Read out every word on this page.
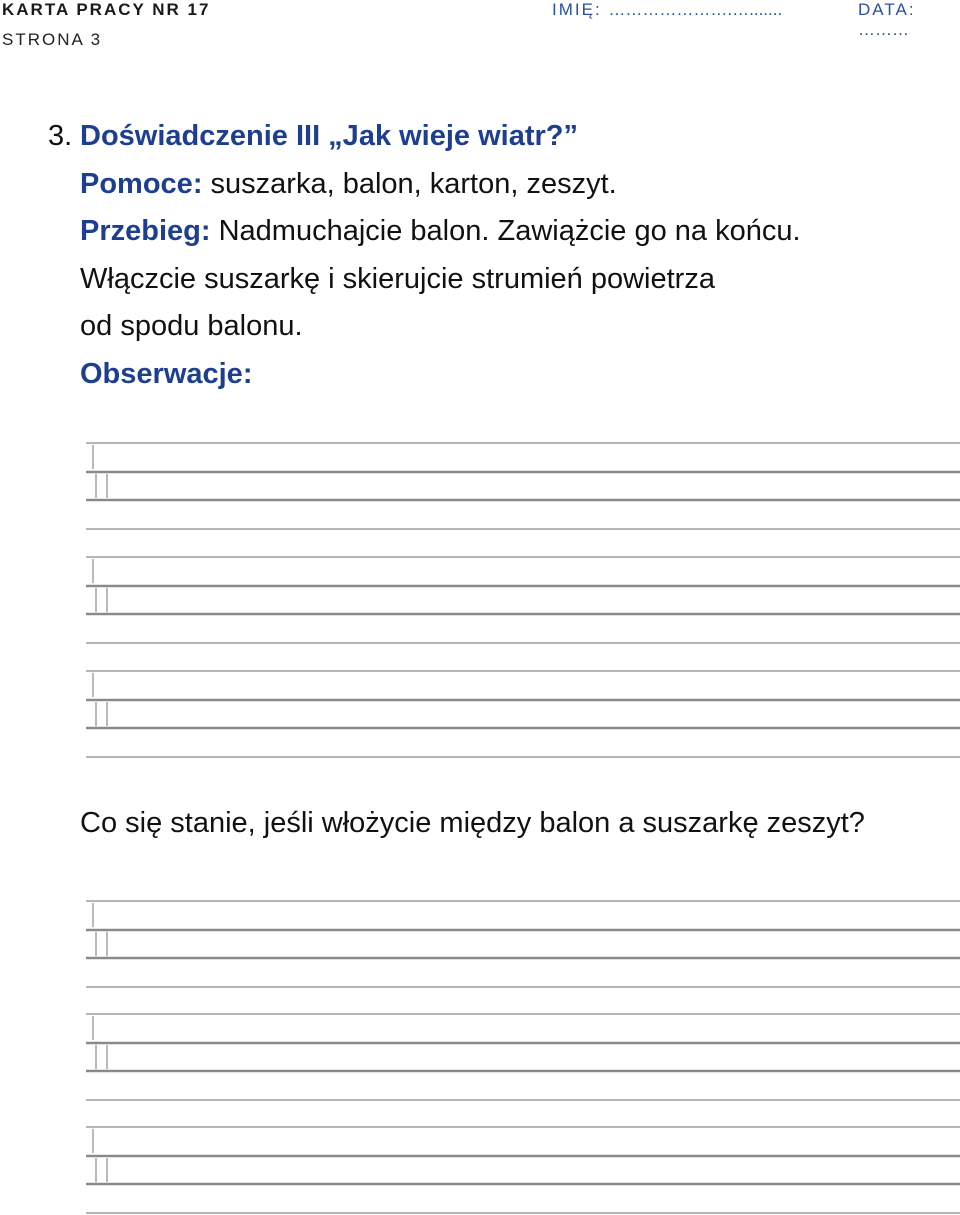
KARTA PRACY NR 17
STRONA 3
IMIĘ: ………………….….......	DATA: ………
3. Doświadczenie III „Jak wieje wiatr?”
Pomoce: suszarka, balon, karton, zeszyt.
Przebieg: Nadmuchajcie balon. Zawiążcie go na końcu.
Włączcie suszarkę i skierujcie strumień powietrza
od spodu balonu.
Obserwacje:
Co się stanie, jeśli włożycie między balon a suszarkę zeszyt?
